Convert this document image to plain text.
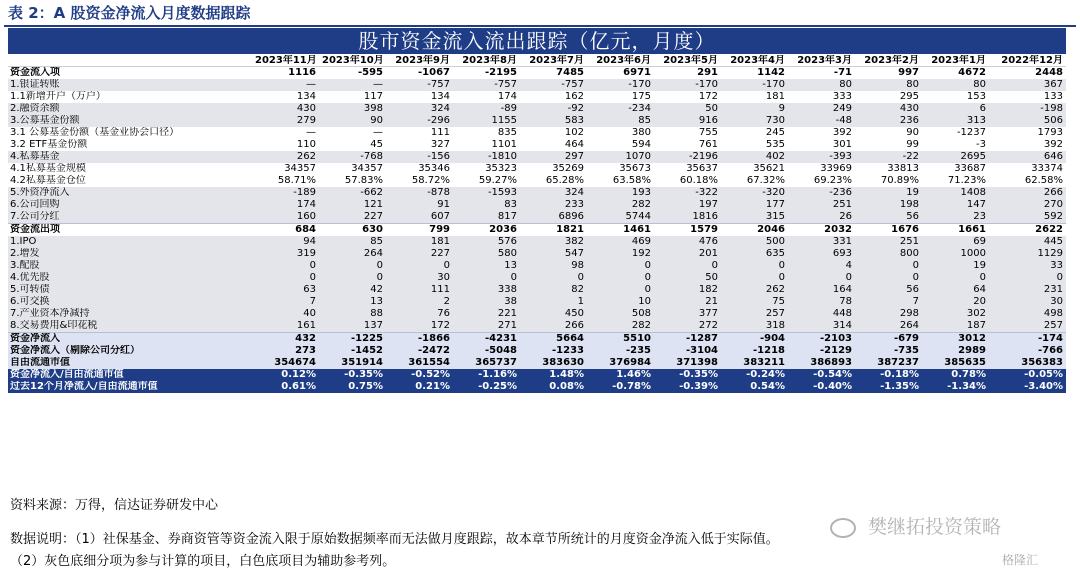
表 2：A 股资金净流入月度数据跟踪
股市资金流入流出跟踪（亿元，月度）
	2023年11月	2023年10月	2023年9月	2023年8月	2023年7月	2023年6月	2023年5月	2023年4月	2023年3月	2023年2月	2023年1月	2022年12月
资金流入项	1116	-595	-1067	-2195	7485	6971	291	1142	-71	997	4672	2448
1.银证转账	—	—	-757	-757	-757	-170	-170	-170	80	80	80	367
1.1新增开户（万户）	134	117	134	174	162	175	172	181	333	295	153	133
2.融资余额	430	398	324	-89	-92	-234	50	9	249	430	6	-198
3.公募基金份额	279	90	-296	1155	583	85	916	730	-48	236	313	506
3.1 公募基金份额（基金业协会口径）	—	—	111	835	102	380	755	245	392	90	-1237	1793
3.2 ETF基金份额	110	45	327	1101	464	594	761	535	301	99	-3	392
4.私募基金	262	-768	-156	-1810	297	1070	-2196	402	-393	-22	2695	646
4.1私募基金规模	34357	34357	35346	35323	35269	35673	35637	35621	33969	33813	33687	33374
4.2私募基金仓位	58.71%	57.83%	58.72%	59.27%	65.28%	63.58%	60.18%	67.32%	69.23%	70.89%	71.23%	62.58%
5.外资净流入	-189	-662	-878	-1593	324	193	-322	-320	-236	19	1408	266
6.公司回购	174	121	91	83	233	282	197	177	251	198	147	270
7.公司分红	160	227	607	817	6896	5744	1816	315	26	56	23	592
资金流出项	684	630	799	2036	1821	1461	1579	2046	2032	1676	1661	2622
1.IPO	94	85	181	576	382	469	476	500	331	251	69	445
2.增发	319	264	227	580	547	192	201	635	693	800	1000	1129
3.配股	0	0	0	13	98	0	0	0	4	0	19	33
4.优先股	0	0	30	0	0	0	50	0	0	0	0	0
5.可转债	63	42	111	338	82	0	182	262	164	56	64	231
6.可交换	7	13	2	38	1	10	21	75	78	7	20	30
7.产业资本净减持	40	88	76	221	450	508	377	257	448	298	302	498
8.交易费用&印花税	161	137	172	271	266	282	272	318	314	264	187	257
资金净流入	432	-1225	-1866	-4231	5664	5510	-1287	-904	-2103	-679	3012	-174
资金净流入（剔除公司分红）	273	-1452	-2472	-5048	-1233	-235	-3104	-1218	-2129	-735	2989	-766
自由流通市值	354674	351914	361554	365737	383630	376984	371398	383211	386893	387237	385635	356383
资金净流入/自由流通市值	0.12%	-0.35%	-0.52%	-1.16%	1.48%	1.46%	-0.35%	-0.24%	-0.54%	-0.18%	0.78%	-0.05%
过去12个月净流入/自由流通市值	0.61%	0.75%	0.21%	-0.25%	0.08%	-0.78%	-0.39%	0.54%	-0.40%	-1.35%	-1.34%	-3.40%
资料来源：万得，信达证券研发中心
数据说明：（1）社保基金、券商资管等资金流入限于原始数据频率而无法做月度跟踪，故本章节所统计的月度资金净流入低于实际值。
（2）灰色底细分项为参与计算的项目，白色底项目为辅助参考列。
樊继拓投资策略
格隆汇
